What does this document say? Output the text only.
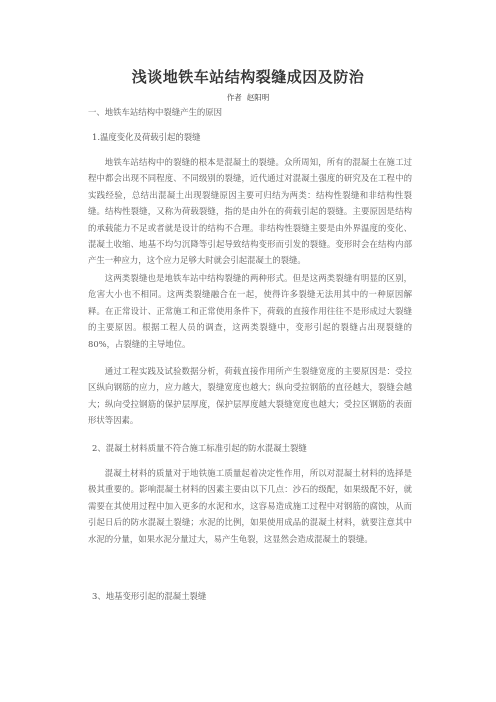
浅谈地铁车站结构裂缝成因及防治
作者 赵阳明
一、地铁车站结构中裂缝产生的原因
1.温度变化及荷载引起的裂缝
地铁车站结构中的裂缝的根本是混凝土的裂缝。众所周知，所有的混凝土在施工过程中都会出现不同程度、不同级别的裂缝，近代通过对混凝土强度的研究及在工程中的实践经验，总结出混凝土出现裂缝原因主要可归结为两类：结构性裂缝和非结构性裂缝。结构性裂缝，又称为荷载裂缝，指的是由外在的荷载引起的裂缝。主要原因是结构的承载能力不足或者就是设计的结构不合理。非结构性裂缝主要是由外界温度的变化、混凝土收缩、地基不均匀沉降等引起导致结构变形而引发的裂缝。变形时会在结构内部产生一种应力，这个应力足够大时就会引起混凝土的裂缝。
这两类裂缝也是地铁车站中结构裂缝的两种形式。但是这两类裂缝有明显的区别，危害大小也不相同。这两类裂缝融合在一起，使得许多裂缝无法用其中的一种原因解释。在正常设计、正常施工和正常使用条件下，荷载的直接作用往往不是形成过大裂缝的主要原因。根据工程人员的调查，这两类裂缝中，变形引起的裂缝占出现裂缝的80%，占裂缝的主导地位。
通过工程实践及试验数据分析，荷载直接作用所产生裂缝宽度的主要原因是：受拉区纵向钢筋的应力，应力越大，裂缝宽度也越大；纵向受拉钢筋的直径越大，裂缝会越大；纵向受拉钢筋的保护层厚度，保护层厚度越大裂缝宽度也越大；受拉区钢筋的表面形状等因素。
2、混凝土材料质量不符合施工标准引起的防水混凝土裂缝
混凝土材料的质量对于地铁施工质量起着决定性作用，所以对混凝土材料的选择是极其重要的。影响混凝土材料的因素主要由以下几点：沙石的级配，如果级配不好，就需要在其使用过程中加入更多的水泥和水，这容易造成施工过程中对钢筋的腐蚀，从而引起日后的防水混凝土裂缝；水泥的比例，如果使用成品的混凝土材料，就要注意其中水泥的分量，如果水泥分量过大，易产生龟裂，这显然会造成混凝土的裂缝。
3、地基变形引起的混凝土裂缝
